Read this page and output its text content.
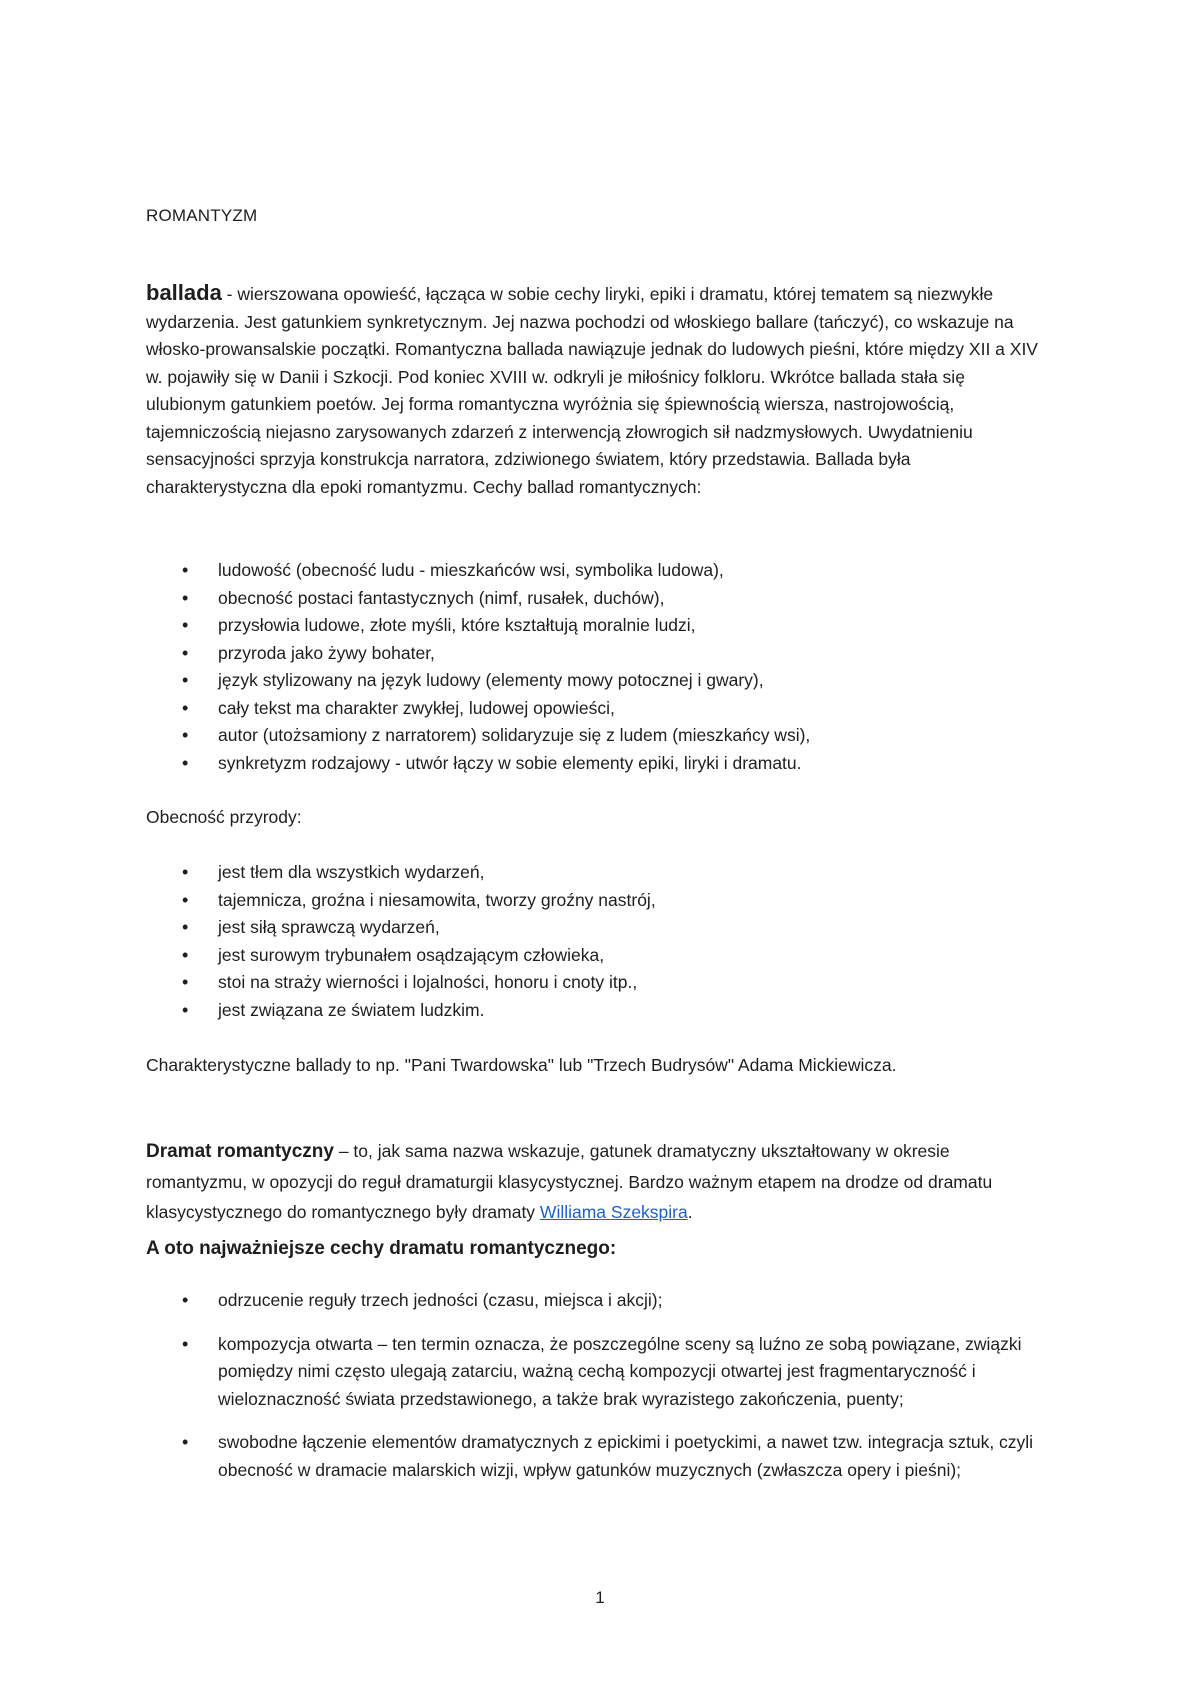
ROMANTYZM

ballada - wierszowana opowieść, łącząca w sobie cechy liryki, epiki i dramatu, której tematem są niezwykłe wydarzenia. Jest gatunkiem synkretycznym. Jej nazwa pochodzi od włoskiego ballare (tańczyć), co wskazuje na włosko-prowansalskie początki. Romantyczna ballada nawiązuje jednak do ludowych pieśni, które między XII a XIV w. pojawiły się w Danii i Szkocji. Pod koniec XVIII w. odkryli je miłośnicy folkloru. Wkrótce ballada stała się ulubionym gatunkiem poetów. Jej forma romantyczna wyróżnia się śpiewnością wiersza, nastrojowością, tajemniczością niejasno zarysowanych zdarzeń z interwencją złowrogich sił nadzmysłowych. Uwydatnieniu sensacyjności sprzyja konstrukcja narratora, zdziwionego światem, który przedstawia. Ballada była charakterystyczna dla epoki romantyzmu. Cechy ballad romantycznych:

• ludowość (obecność ludu - mieszkańców wsi, symbolika ludowa),
• obecność postaci fantastycznych (nimf, rusałek, duchów),
• przysłowia ludowe, złote myśli, które kształtują moralnie ludzi,
• przyroda jako żywy bohater,
• język stylizowany na język ludowy (elementy mowy potocznej i gwary),
• cały tekst ma charakter zwykłej, ludowej opowieści,
• autor (utożsamiony z narratorem) solidaryzuje się z ludem (mieszkańcy wsi),
• synkretyzm rodzajowy - utwór łączy w sobie elementy epiki, liryki i dramatu.

Obecność przyrody:

• jest tłem dla wszystkich wydarzeń,
• tajemnicza, groźna i niesamowita, tworzy groźny nastrój,
• jest siłą sprawczą wydarzeń,
• jest surowym trybunałem osądzającym człowieka,
• stoi na straży wierności i lojalności, honoru i cnoty itp.,
• jest związana ze światem ludzkim.

Charakterystyczne ballady to np. "Pani Twardowska" lub "Trzech Budrysów" Adama Mickiewicza.

Dramat romantyczny – to, jak sama nazwa wskazuje, gatunek dramatyczny ukształtowany w okresie romantyzmu, w opozycji do reguł dramaturgii klasycystycznej. Bardzo ważnym etapem na drodze od dramatu klasycystycznego do romantycznego były dramaty Williama Szekspira.

A oto najważniejsze cechy dramatu romantycznego:
• odrzucenie reguły trzech jedności (czasu, miejsca i akcji);
• kompozycja otwarta – ten termin oznacza, że poszczególne sceny są luźno ze sobą powiązane, związki pomiędzy nimi często ulegają zatarciu, ważną cechą kompozycji otwartej jest fragmentaryczność i wieloznaczność świata przedstawionego, a także brak wyrazistego zakończenia, puenty;
• swobodne łączenie elementów dramatycznych z epickimi i poetyckimi, a nawet tzw. integracja sztuk, czyli obecność w dramacie malarskich wizji, wpływ gatunków muzycznych (zwłaszcza opery i pieśni);
1
